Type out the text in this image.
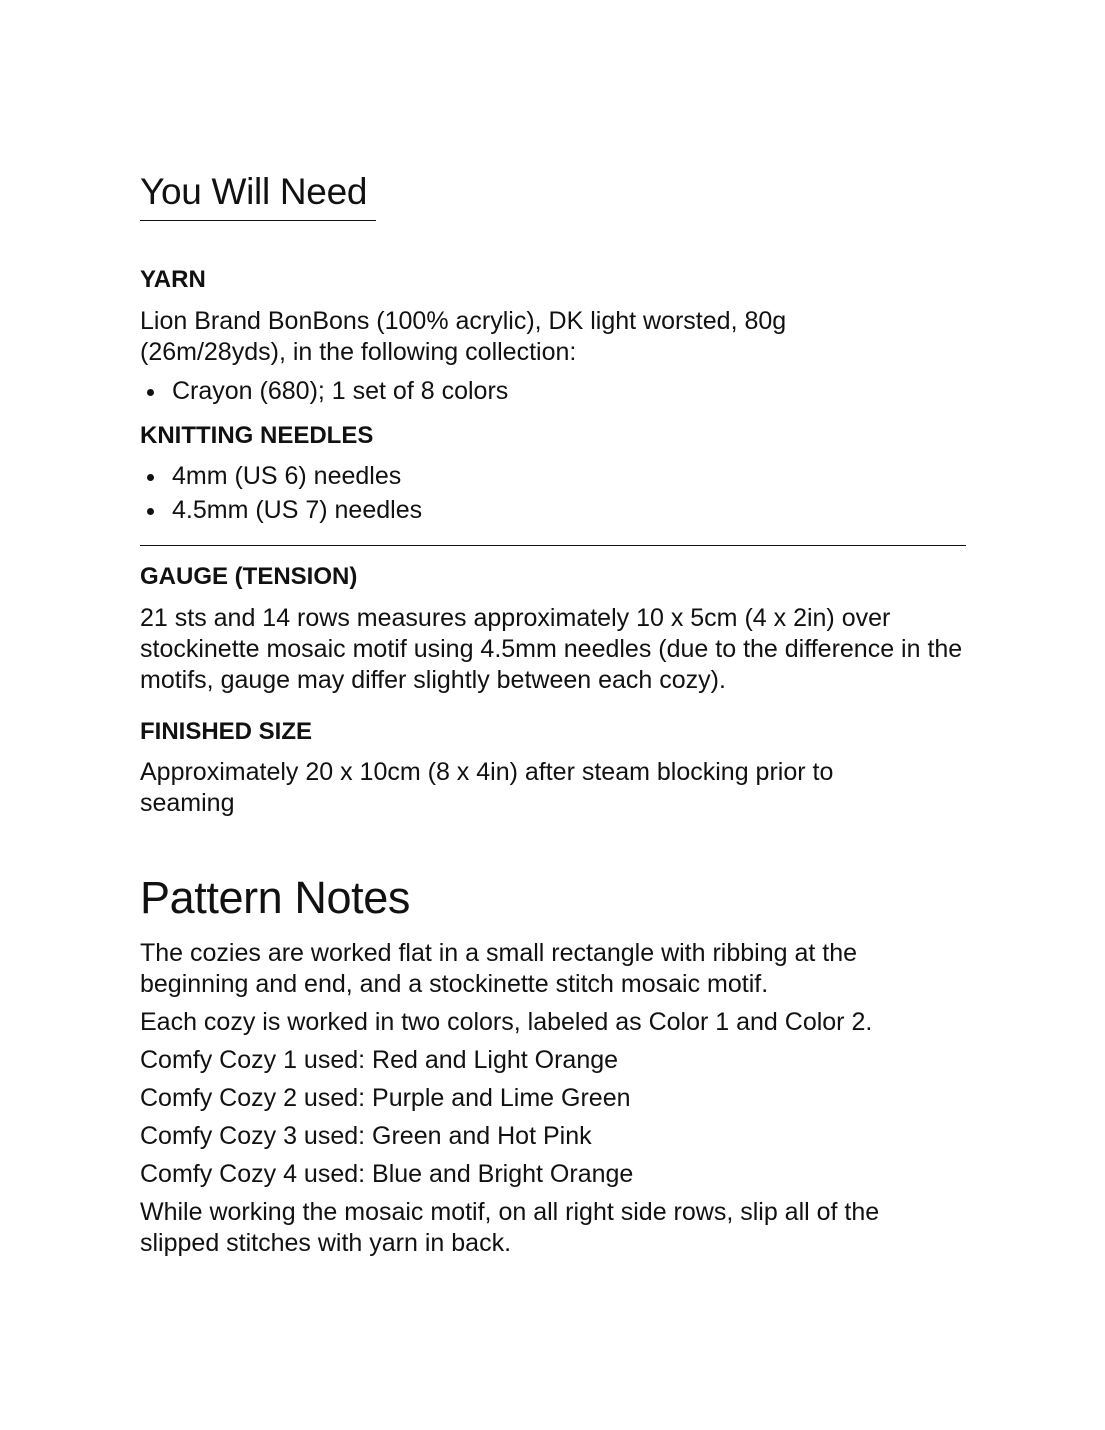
You Will Need
YARN

Lion Brand BonBons (100% acrylic), DK light worsted, 80g (26m/28yds), in the following collection:

Crayon (680); 1 set of 8 colors
KNITTING NEEDLES
4mm (US 6) needles
4.5mm (US 7) needles
GAUGE (TENSION)

21 sts and 14 rows measures approximately 10 x 5cm (4 x 2in) over stockinette mosaic motif using 4.5mm needles (due to the difference in the motifs, gauge may differ slightly between each cozy).

FINISHED SIZE

Approximately 20 x 10cm (8 x 4in) after steam blocking prior to seaming

Pattern Notes

The cozies are worked flat in a small rectangle with ribbing at the beginning and end, and a stockinette stitch mosaic motif.

Each cozy is worked in two colors, labeled as Color 1 and Color 2.

Comfy Cozy 1 used: Red and Light Orange

Comfy Cozy 2 used: Purple and Lime Green

Comfy Cozy 3 used: Green and Hot Pink

Comfy Cozy 4 used: Blue and Bright Orange

While working the mosaic motif, on all right side rows, slip all of the slipped stitches with yarn in back.
